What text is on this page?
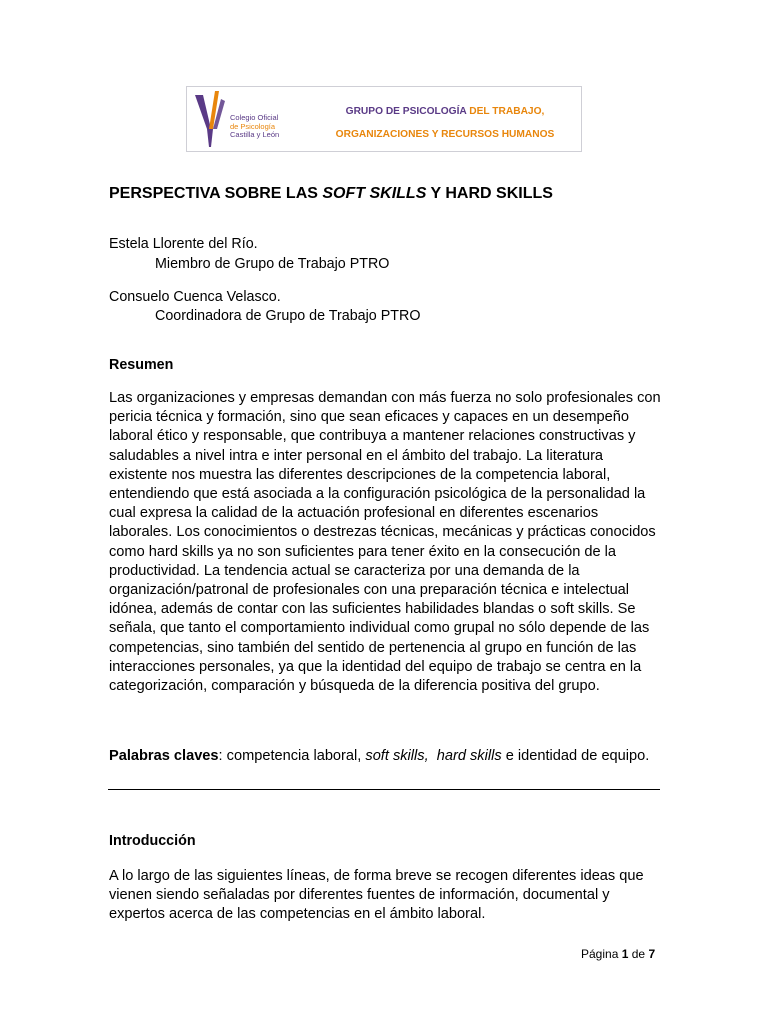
Colegio Oficial
de Psicología
Castilla y León
GRUPO DE PSICOLOGÍA DEL TRABAJO,
ORGANIZACIONES Y RECURSOS HUMANOS
PERSPECTIVA SOBRE LAS SOFT SKILLS Y HARD SKILLS
Estela Llorente del Río.
Miembro de Grupo de Trabajo PTRO
Consuelo Cuenca Velasco.
Coordinadora de Grupo de Trabajo PTRO
Resumen
Las organizaciones y empresas demandan con más fuerza no solo profesionales con pericia técnica y formación, sino que sean eficaces y capaces en un desempeño laboral ético y responsable, que contribuya a mantener relaciones constructivas y saludables a nivel intra e inter personal en el ámbito del trabajo. La literatura existente nos muestra las diferentes descripciones de la competencia laboral, entendiendo que está asociada a la configuración psicológica de la personalidad la cual expresa la calidad de la actuación profesional en diferentes escenarios laborales. Los conocimientos o destrezas técnicas, mecánicas y prácticas conocidos como hard skills ya no son suficientes para tener éxito en la consecución de la productividad. La tendencia actual se caracteriza por una demanda de la organización/patronal de profesionales con una preparación técnica e intelectual idónea, además de contar con las suficientes habilidades blandas o soft skills. Se señala, que tanto el comportamiento individual como grupal no sólo depende de las competencias, sino también del sentido de pertenencia al grupo en función de las interacciones personales, ya que la identidad del equipo de trabajo se centra en la categorización, comparación y búsqueda de la diferencia positiva del grupo.
Palabras claves: competencia laboral, soft skills, hard skills e identidad de equipo.
Introducción
A lo largo de las siguientes líneas, de forma breve se recogen diferentes ideas que vienen siendo señaladas por diferentes fuentes de información, documental y expertos acerca de las competencias en el ámbito laboral.
Página 1 de 7
